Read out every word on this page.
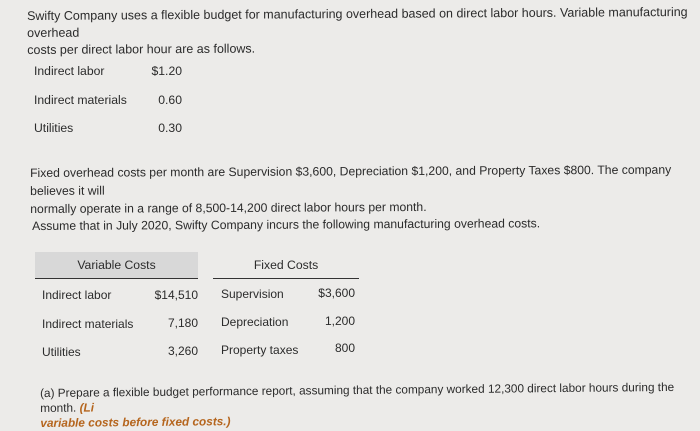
Swifty Company uses a flexible budget for manufacturing overhead based on direct labor hours. Variable manufacturing overhead
costs per direct labor hour are as follows.
Indirect labor	$1.20
Indirect materials	0.60
Utilities	0.30
Fixed overhead costs per month are Supervision $3,600, Depreciation $1,200, and Property Taxes $800. The company believes it will
normally operate in a range of 8,500-14,200 direct labor hours per month.
Assume that in July 2020, Swifty Company incurs the following manufacturing overhead costs.
Variable Costs	Fixed Costs
Indirect labor	$14,510 Supervision	$3,600
Indirect materials	7,180 Depreciation	1,200
Utilities	3,260 Property taxes	800
(a) Prepare a flexible budget performance report, assuming that the company worked 12,300 direct labor hours during the month. (Li
variable costs before fixed costs.)
